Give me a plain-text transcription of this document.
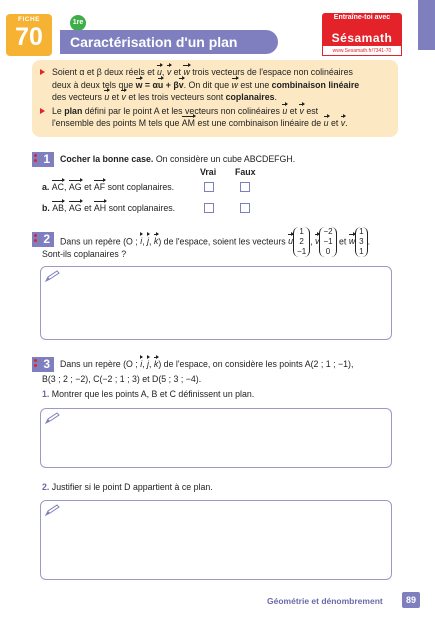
FICHE
70
1re
Caractérisation d'un plan
Entraîne-toi avec
Sésamath
www.Sesamath.fr/7341-70

Soient α et β deux réels et u, v et w trois vecteurs de l'espace non colinéaires
deux à deux tels que w = αu + βv. On dit que w est une combinaison linéaire
des vecteurs u et v et les trois vecteurs sont coplanaires.

Le plan défini par le point A et les vecteurs non colinéaires u et v est
l'ensemble des points M tels que AM est une combinaison linéaire de u et v.

1	Cocher la bonne case. On considère un cube ABCDEFGH.
Vrai Faux
a. AC, AG et AF sont coplanaires.
b. AB, AG et AH sont coplanaires.
2	Dans un repère (O ; i, j, k) de l'espace, soient les vecteurs u1
2
−1, v−2
−1
0 et w1
3
1.
Sont-ils coplanaires ?
3	Dans un repère (O ; i, j, k) de l'espace, on considère les points A(2 ; 1 ; −1),
B(3 ; 2 ; −2), C(−2 ; 1 ; 3) et D(5 ; 3 ; −4).
1. Montrer que les points A, B et C définissent un plan.
2. Justifier si le point D appartient à ce plan.
Géométrie et dénombrement	89
